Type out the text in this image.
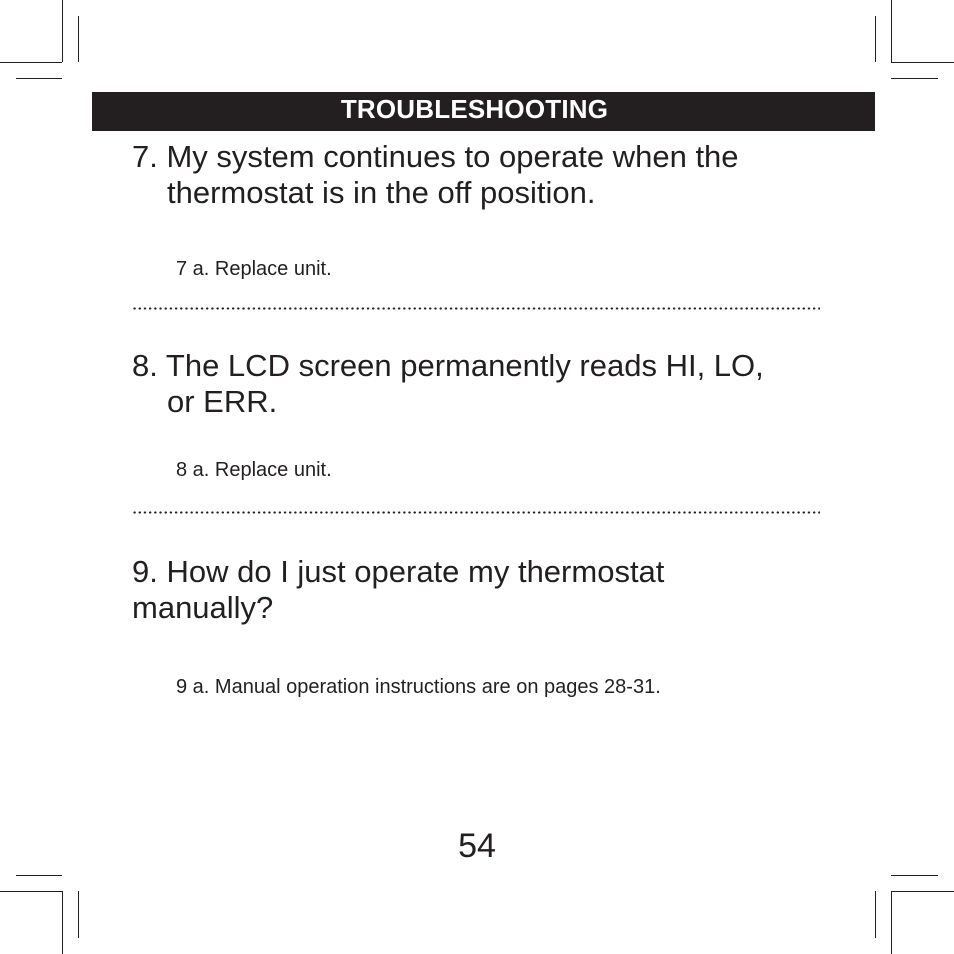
TROUBLESHOOTING
7. My system continues to operate when the
thermostat is in the off position.
7 a. Replace unit.
8. The LCD screen permanently reads HI, LO,
or ERR.
8 a. Replace unit.
9. How do I just operate my thermostat
manually?
9 a. Manual operation instructions are on pages 28-31.
54
